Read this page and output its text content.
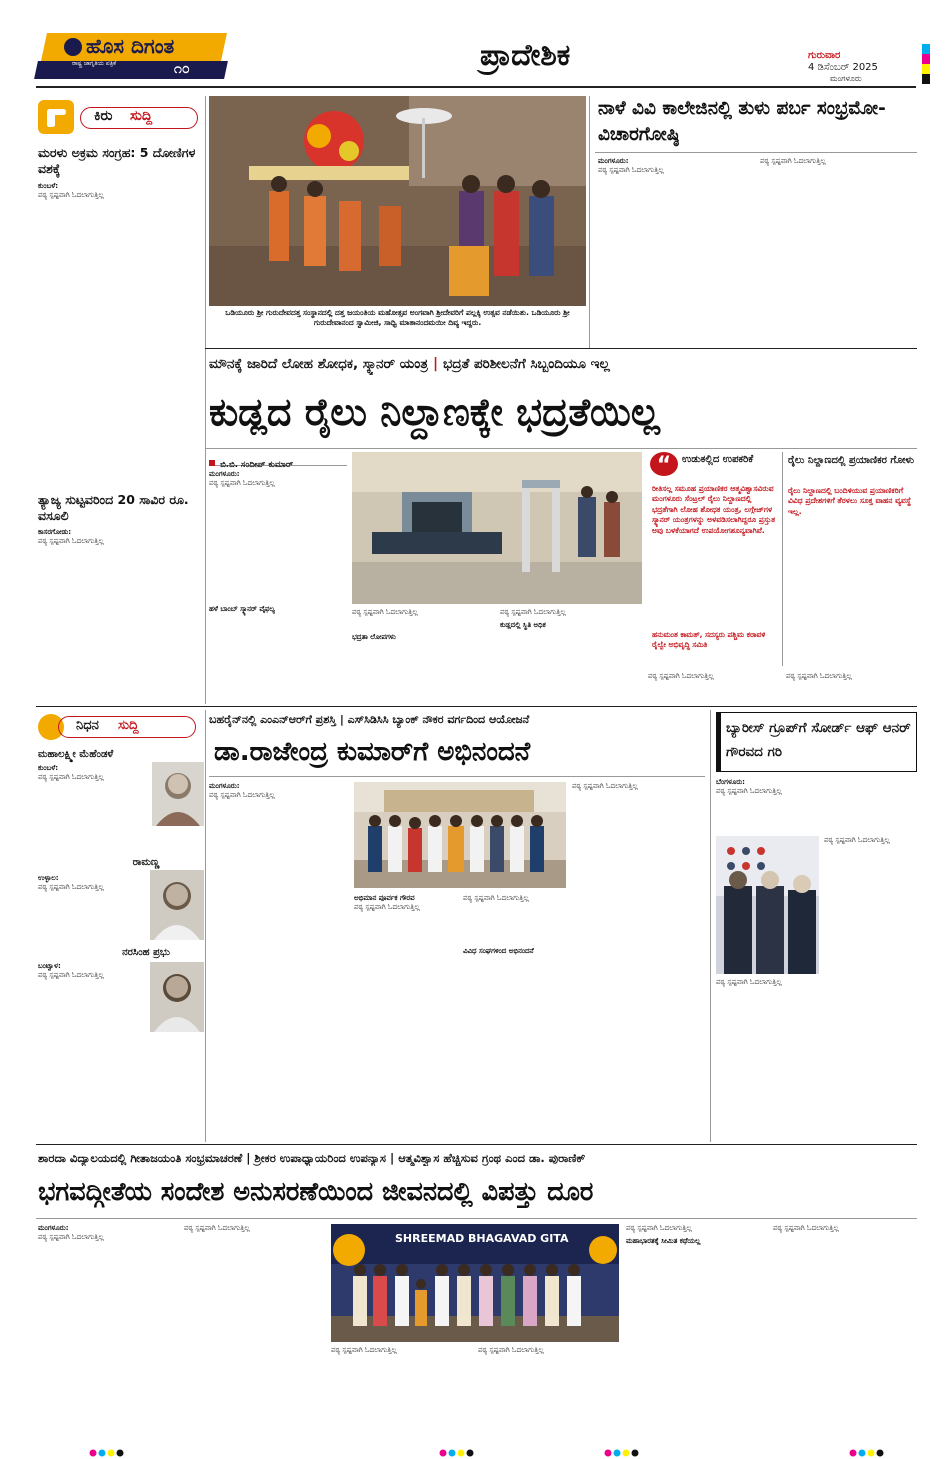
ಹೊಸ ದಿಗಂತ
ರಾಷ್ಟ್ರ ಜಾಗೃತಿಯ ಪತ್ರಿಕೆ	೧೦	ಪ್ರಾದೇಶಿಕ	ಗುರುವಾರ
4 ಡಿಸೆಂಬರ್ 2025
ಮಂಗಳೂರು
ಕಿರು ಸುದ್ದಿ
ಮರಳು ಅಕ್ರಮ ಸಂಗ್ರಹ: 5 ದೋಣಿಗಳ ವಶಕ್ಕೆ
ಕುಂಬಳೆ:
ಪಠ್ಯ ಸ್ಪಷ್ಟವಾಗಿ ಓದಲಾಗುತ್ತಿಲ್ಲ
ತ್ಯಾಜ್ಯ ಸುಟ್ಟವರಿಂದ 20 ಸಾವಿರ ರೂ. ವಸೂಲಿ
ಕಾಸರಗೋಡು:
ಪಠ್ಯ ಸ್ಪಷ್ಟವಾಗಿ ಓದಲಾಗುತ್ತಿಲ್ಲ
ಒಡಿಯೂರು ಶ್ರೀ ಗುರುದೇವದತ್ತ ಸಂಸ್ಥಾನದಲ್ಲಿ ದತ್ತ ಜಯಂತಿಯ ಮಹೋತ್ಸವ ಅಂಗವಾಗಿ ಶ್ರೀದೇವರಿಗೆ ಪಲ್ಲಕ್ಕಿ ಉತ್ಸವ ನಡೆಯಿತು. ಒಡಿಯೂರು ಶ್ರೀ ಗುರುದೇವಾನಂದ ಸ್ವಾಮೀಜಿ, ಸಾಧ್ವಿ ಮಾತಾನಂದಮಯೀ ದಿವ್ಯ ಇದ್ದರು.
ನಾಳೆ ವಿವಿ ಕಾಲೇಜಿನಲ್ಲಿ ತುಳು ಪರ್ಬ ಸಂಭ್ರಮೋ- ವಿಚಾರಗೋಷ್ಠಿ
ಮಂಗಳೂರು:
ಪಠ್ಯ ಸ್ಪಷ್ಟವಾಗಿ ಓದಲಾಗುತ್ತಿಲ್ಲ
ಪಠ್ಯ ಸ್ಪಷ್ಟವಾಗಿ ಓದಲಾಗುತ್ತಿಲ್ಲ
ಮೌನಕ್ಕೆ ಜಾರಿದೆ ಲೋಹ ಶೋಧಕ, ಸ್ಕ್ಯಾನರ್ ಯಂತ್ರ | ಭದ್ರತೆ ಪರಿಶೀಲನೆಗೆ ಸಿಬ್ಬಂದಿಯೂ ಇಲ್ಲ
ಕುಡ್ಲದ ರೈಲು ನಿಲ್ದಾಣಕ್ಕೇ ಭದ್ರತೆಯಿಲ್ಲ
ಬಿ.ಬಿ. ಸಂದೀಪ್ ಕುಮಾರ್
ಮಂಗಳೂರು:
ಪಠ್ಯ ಸ್ಪಷ್ಟವಾಗಿ ಓದಲಾಗುತ್ತಿಲ್ಲ
ಹಳೆ ಬಾಂಬ್ ಸ್ಕ್ಯಾನರ್ ವೈಫಲ್ಯ	ಪಠ್ಯ ಸ್ಪಷ್ಟವಾಗಿ ಓದಲಾಗುತ್ತಿಲ್ಲ
ಭದ್ರತಾ ಲೋಪಗಳು
ಪಠ್ಯ ಸ್ಪಷ್ಟವಾಗಿ ಓದಲಾಗುತ್ತಿಲ್ಲ
ಕುಡ್ಲದಲ್ಲಿ ಸ್ಥಿತಿ ಅಧಿಕ
“	ಉಡುಕಲ್ಲಿದ ಉಪಕರಿಕೆ
ರೀತಿಸಲ್ಲ ಸಮೂಹ ಪ್ರಯಾಣಿಕರ ಆತ್ಮವಿಶ್ವಾಸವಿರುವ ಮಂಗಳೂರು ಸೆಂಟ್ರಲ್ ರೈಲು ನಿಲ್ದಾಣದಲ್ಲಿ ಭದ್ರತೆಗಾಗಿ ಲೋಹ ಶೋಧಕ ಯಂತ್ರ, ಲಗ್ಗೇಜ್‌ಗಳ ಸ್ಕ್ಯಾನರ್ ಯಂತ್ರಗಳನ್ನು ಅಳವಡಿಸಲಾಗಿದ್ದರೂ ಪ್ರಸ್ತುತ ಅವು ಬಳಕೆಯಾಗದೆ ಉಪಯೋಗಶೂನ್ಯವಾಗಿವೆ.
ಹನುಮಂತ ಕಾಮತ್, ಸದಸ್ಯರು ಪಶ್ಚಿಮ ಕರಾವಳಿ ರೈಲ್ವೇ ಅಭಿವೃದ್ಧಿ ಸಮಿತಿ
ರೈಲು ನಿಲ್ದಾಣದಲ್ಲಿ ಪ್ರಯಾಣಿಕರ ಗೋಳು
ರೈಲು ನಿಲ್ದಾಣದಲ್ಲಿ ಬಂದಿಳಿಯುವ ಪ್ರಯಾಣಿಕರಿಗೆ ವಿವಿಧ ಪ್ರದೇಶಗಳಿಗೆ ತೆರಳಲು ಸೂಕ್ತ ವಾಹನ ವ್ಯವಸ್ಥೆ ಇಲ್ಲ.
ಪಠ್ಯ ಸ್ಪಷ್ಟವಾಗಿ ಓದಲಾಗುತ್ತಿಲ್ಲ	ಪಠ್ಯ ಸ್ಪಷ್ಟವಾಗಿ ಓದಲಾಗುತ್ತಿಲ್ಲ
ನಿಧನ ಸುದ್ದಿ
ಮಹಾಲಕ್ಷ್ಮೀ ಮೆಹೆಂಡಳೆ
ಕುಂಬಳೆ:
ಪಠ್ಯ ಸ್ಪಷ್ಟವಾಗಿ ಓದಲಾಗುತ್ತಿಲ್ಲ
ರಾಮಣ್ಣ
ಉಳ್ಳಾಲ:
ಪಠ್ಯ ಸ್ಪಷ್ಟವಾಗಿ ಓದಲಾಗುತ್ತಿಲ್ಲ
ನರಸಿಂಹ ಪ್ರಭು
ಬಂಟ್ವಾಳ:
ಪಠ್ಯ ಸ್ಪಷ್ಟವಾಗಿ ಓದಲಾಗುತ್ತಿಲ್ಲ
ಬಹರೈನ್‌ನಲ್ಲಿ ಎಂಎನ್‌ಆರ್‌ಗೆ ಪ್ರಶಸ್ತಿ | ಎಸ್‌ಸಿಡಿಸಿಸಿ ಬ್ಯಾಂಕ್ ನೌಕರ ವರ್ಗದಿಂದ ಆಯೋಜನೆ
ಡಾ.ರಾಜೇಂದ್ರ ಕುಮಾರ್‌ಗೆ ಅಭಿನಂದನೆ
ಮಂಗಳೂರು:
ಪಠ್ಯ ಸ್ಪಷ್ಟವಾಗಿ ಓದಲಾಗುತ್ತಿಲ್ಲ
ಅಭಿಮಾನ ಪೂರ್ವಕ ಗೌರವ
ಪಠ್ಯ ಸ್ಪಷ್ಟವಾಗಿ ಓದಲಾಗುತ್ತಿಲ್ಲ
ಪಠ್ಯ ಸ್ಪಷ್ಟವಾಗಿ ಓದಲಾಗುತ್ತಿಲ್ಲ
ವಿವಿಧ ಸಂಘಗಳಿಂದ ಅಭಿನಂದನೆ
ಪಠ್ಯ ಸ್ಪಷ್ಟವಾಗಿ ಓದಲಾಗುತ್ತಿಲ್ಲ
ಬ್ಯಾರೀಸ್ ಗ್ರೂಪ್‌ಗೆ ಸೋರ್ಡ್ ಆಫ್ ಆನರ್ ಗೌರವದ ಗರಿ
ಬೆಂಗಳೂರು:
ಪಠ್ಯ ಸ್ಪಷ್ಟವಾಗಿ ಓದಲಾಗುತ್ತಿಲ್ಲ
ಪಠ್ಯ ಸ್ಪಷ್ಟವಾಗಿ ಓದಲಾಗುತ್ತಿಲ್ಲ
ಪಠ್ಯ ಸ್ಪಷ್ಟವಾಗಿ ಓದಲಾಗುತ್ತಿಲ್ಲ
ಶಾರದಾ ವಿದ್ಯಾಲಯದಲ್ಲಿ ಗೀತಾಜಯಂತಿ ಸಂಭ್ರಮಾಚರಣೆ | ಶ್ರೀಕರ ಉಪಾಧ್ಯಾಯರಿಂದ ಉಪನ್ಯಾಸ | ಆತ್ಮವಿಶ್ವಾಸ ಹೆಚ್ಚಿಸುವ ಗ್ರಂಥ ಎಂದ ಡಾ. ಪುರಾಣಿಕ್
ಭಗವದ್ಗೀತೆಯ ಸಂದೇಶ ಅನುಸರಣೆಯಿಂದ ಜೀವನದಲ್ಲಿ ವಿಪತ್ತು ದೂರ
ಮಂಗಳೂರು:
ಪಠ್ಯ ಸ್ಪಷ್ಟವಾಗಿ ಓದಲಾಗುತ್ತಿಲ್ಲ
ಪಠ್ಯ ಸ್ಪಷ್ಟವಾಗಿ ಓದಲಾಗುತ್ತಿಲ್ಲ
SHREEMAD BHAGAVAD GITA
ಪಠ್ಯ ಸ್ಪಷ್ಟವಾಗಿ ಓದಲಾಗುತ್ತಿಲ್ಲ	ಪಠ್ಯ ಸ್ಪಷ್ಟವಾಗಿ ಓದಲಾಗುತ್ತಿಲ್ಲ
ಪಠ್ಯ ಸ್ಪಷ್ಟವಾಗಿ ಓದಲಾಗುತ್ತಿಲ್ಲ
ಮಹಾಭಾರತಕ್ಕೆ ಸೀಮಿತ ಕಥೆಯಲ್ಲ
ಪಠ್ಯ ಸ್ಪಷ್ಟವಾಗಿ ಓದಲಾಗುತ್ತಿಲ್ಲ
